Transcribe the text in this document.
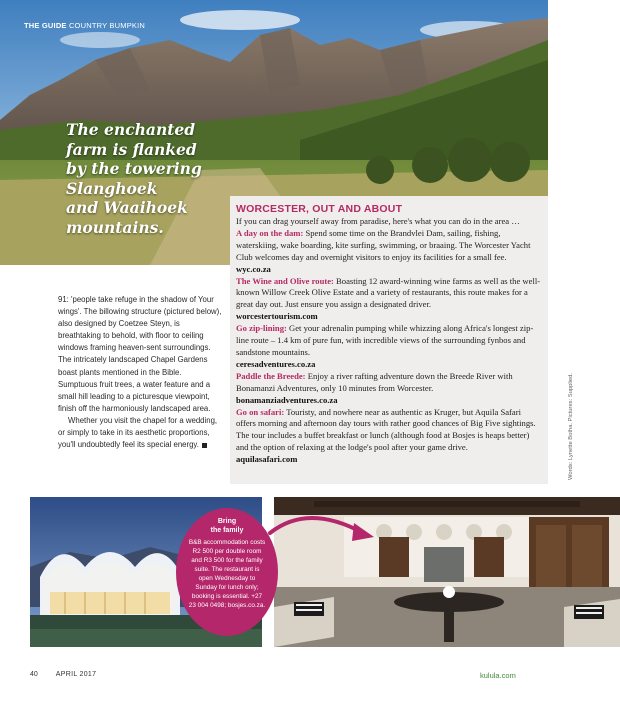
THE GUIDE COUNTRY BUMPKIN
The enchanted
farm is flanked
by the towering
Slanghoek
and Waaihoek
mountains.
WORCESTER, OUT AND ABOUT

If you can drag yourself away from paradise, here's what you can do in the area …

A day on the dam: Spend some time on the Brandvlei Dam, sailing, fishing, waterskiing, wake boarding, kite surfing, swimming, or braaing. The Worcester Yacht Club welcomes day and overnight visitors to enjoy its facilities for a small fee.

wyc.co.za

The Wine and Olive route: Boasting 12 award-winning wine farms as well as the well-known Willow Creek Olive Estate and a variety of restaurants, this route makes for a great day out. Just ensure you assign a designated driver.

worcestertourism.com

Go zip-lining: Get your adrenalin pumping while whizzing along Africa's longest zip-line route – 1.4 km of pure fun, with incredible views of the surrounding fynbos and sandstone mountains.

ceresadventures.co.za

Paddle the Breede: Enjoy a river rafting adventure down the Breede River with Bonamanzi Adventures, only 10 minutes from Worcester.

bonamanziadventures.co.za

Go on safari: Touristy, and nowhere near as authentic as Kruger, but Aquila Safari offers morning and afternoon day tours with rather good chances of Big Five sightings. The tour includes a buffet breakfast or lunch (although food at Bosjes is heaps better) and the option of relaxing at the lodge's pool after your game drive.

aquilasafari.com

91: 'people take refuge in the shadow of Your wings'. The billowing structure (pictured below), also designed by Coetzee Steyn, is breathtaking to behold, with floor to ceiling windows framing heaven-sent surroundings. The intricately landscaped Chapel Gardens boast plants mentioned in the Bible. Sumptuous fruit trees, a water feature and a small hill leading to a picturesque viewpoint, finish off the harmoniously landscaped area.

Whether you visit the chapel for a wedding, or simply to take in its aesthetic proportions, you'll undoubtedly feel its special energy.	Words: Lynette Botha. Pictures: Supplied.
Bring
the family
B&B accommodation costs R2 500 per double room and R3 500 for the family suite. The restaurant is open Wednesday to Sunday for lunch only; booking is essential. +27 23 004 0498; bosjes.co.za.
40	APRIL 2017	kulula.com
